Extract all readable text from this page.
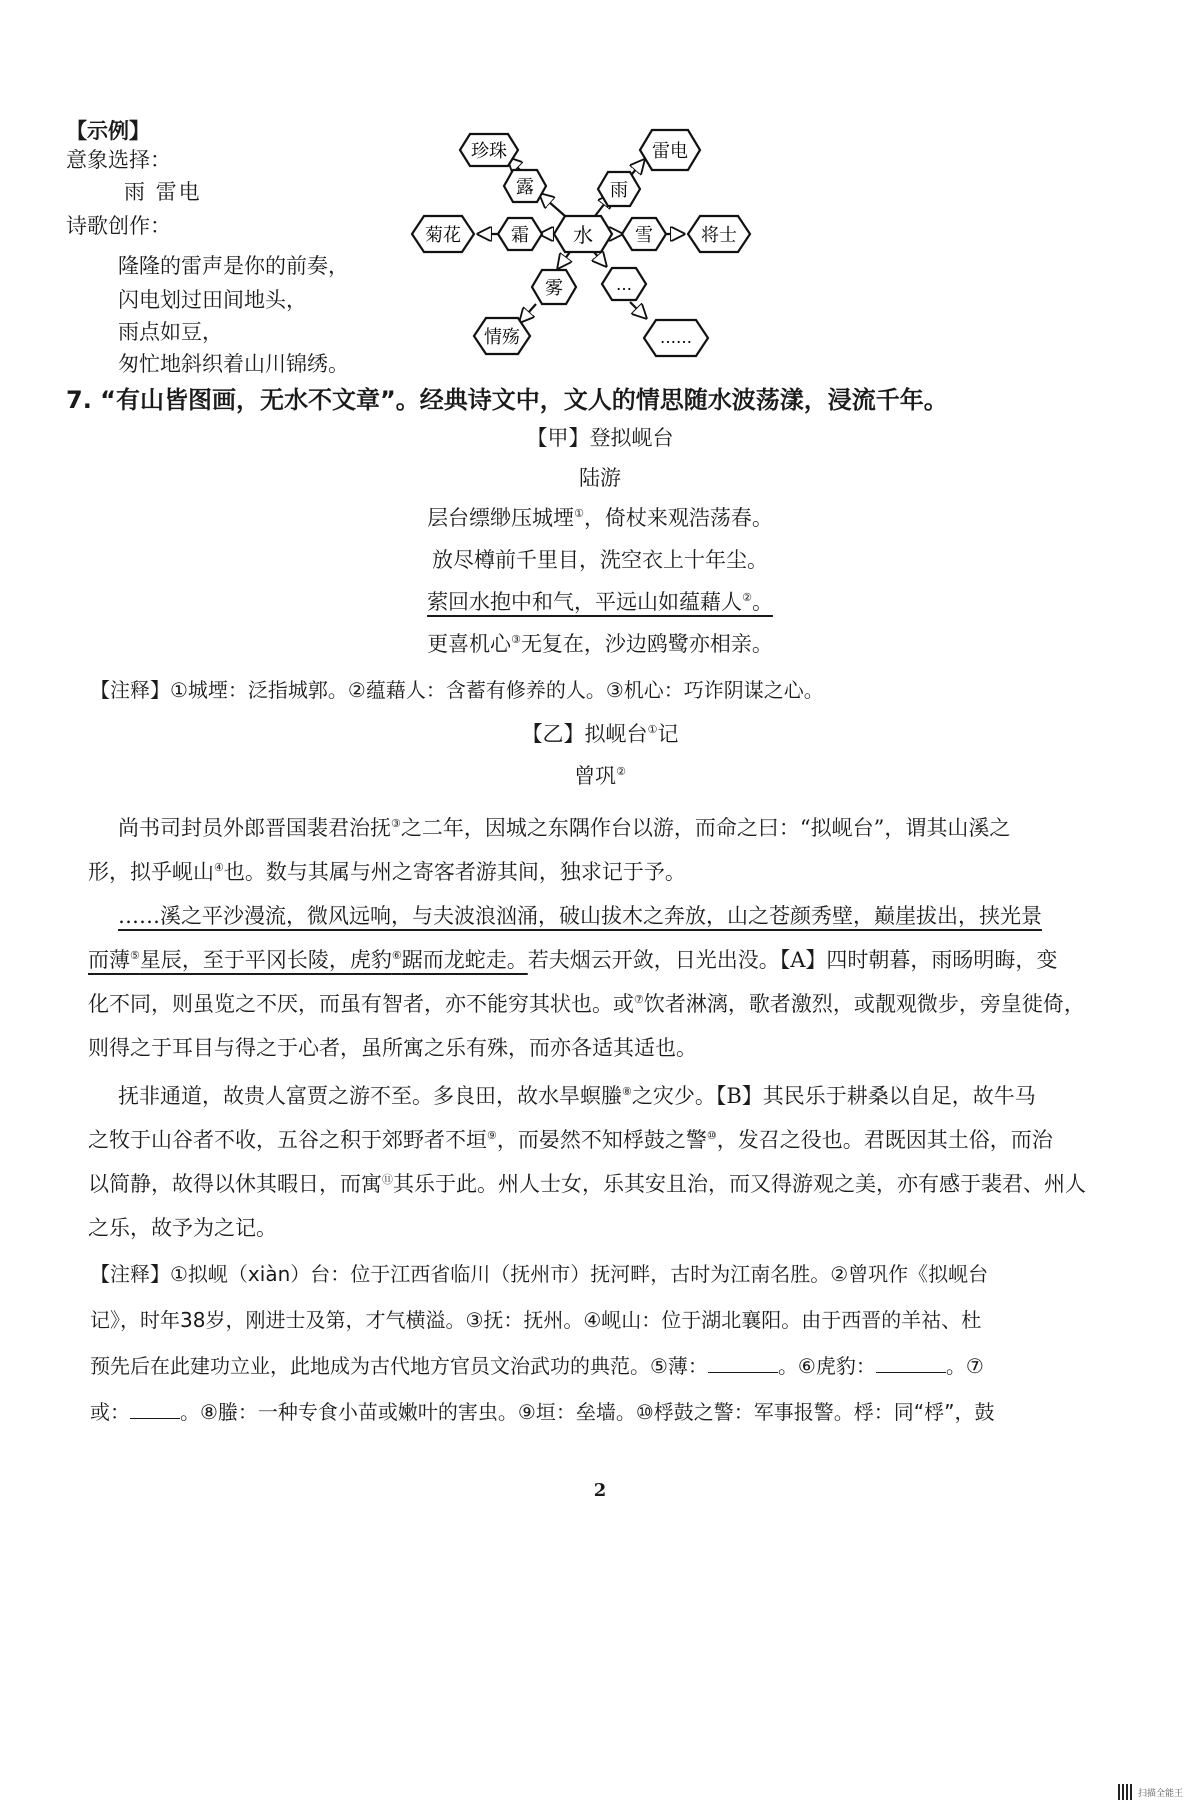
【示例】
意象选择：
雨 雷电
诗歌创作：
隆隆的雷声是你的前奏，
闪电划过田间地头，
雨点如豆，
匆忙地斜织着山川锦绣。
水
珍珠
露
雷电
雨
菊花	霜	雪	将士
雾	…
情殇	……
7. “有山皆图画，无水不文章”。经典诗文中，文人的情思随水波荡漾，浸流千年。
【甲】登拟岘台
陆游
层台缥缈压城堙①，倚杖来观浩荡春。
放尽樽前千里目，洗空衣上十年尘。
萦回水抱中和气，平远山如蕴藉人②。
更喜机心③无复在，沙边鸥鹭亦相亲。
【注释】①城堙：泛指城郭。②蕴藉人：含蓄有修养的人。③机心：巧诈阴谋之心。
【乙】拟岘台①记
曾巩②
尚书司封员外郎晋国裴君治抚③之二年，因城之东隅作台以游，而命之曰：“拟岘台”，谓其山溪之
形，拟乎岘山④也。数与其属与州之寄客者游其间，独求记于予。
……溪之平沙漫流，微风远响，与夫波浪汹涌，破山拔木之奔放，山之苍颜秀壁，巅崖拔出，挟光景
而薄⑤星辰，至于平冈长陵，虎豹⑥踞而龙蛇走。若夫烟云开敛，日光出没。【A】四时朝暮，雨旸明晦，变
化不同，则虽览之不厌，而虽有智者，亦不能穷其状也。或⑦饮者淋漓，歌者激烈，或靓观微步，旁皇徙倚，
则得之于耳目与得之于心者，虽所寓之乐有殊，而亦各适其适也。
抚非通道，故贵人富贾之游不至。多良田，故水旱螟螣⑧之灾少。【B】其民乐于耕桑以自足，故牛马
之牧于山谷者不收，五谷之积于郊野者不垣⑨，而晏然不知桴鼓之警⑩，发召之役也。君既因其土俗，而治
以简静，故得以休其暇日，而寓⑪其乐于此。州人士女，乐其安且治，而又得游观之美，亦有感于裴君、州人
之乐，故予为之记。
【注释】①拟岘（xiàn）台：位于江西省临川（抚州市）抚河畔，古时为江南名胜。②曾巩作《拟岘台
记》，时年38岁，刚进士及第，才气横溢。③抚：抚州。④岘山：位于湖北襄阳。由于西晋的羊祜、杜
预先后在此建功立业，此地成为古代地方官员文治武功的典范。⑤薄：	。⑥虎豹：	。⑦
或：	。⑧螣：一种专食小苗或嫩叶的害虫。⑨垣：垒墙。⑩桴鼓之警：军事报警。桴：同“桴”，鼓
2
扫描全能王
